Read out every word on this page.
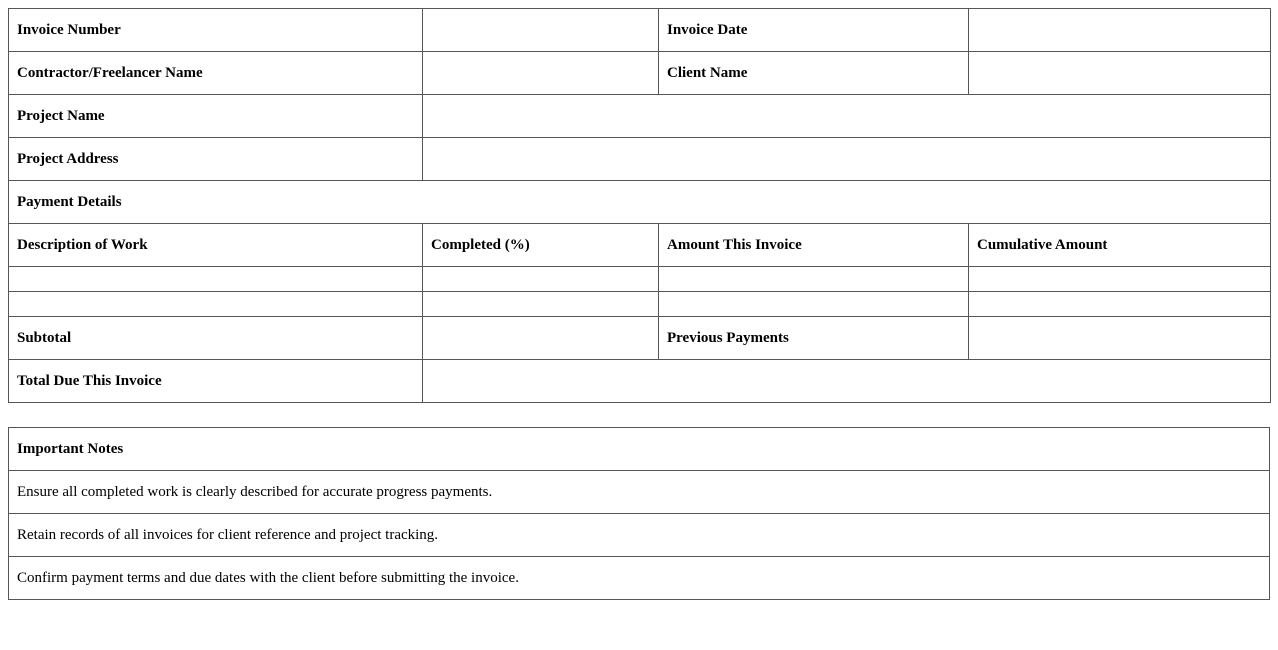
Invoice Number		Invoice Date	
Contractor/Freelancer Name		Client Name	
Project Name			
Project Address			
Payment Details			
Description of Work	Completed (%)	Amount This Invoice	Cumulative Amount

Subtotal		Previous Payments	
Total Due This Invoice			
Important Notes
Ensure all completed work is clearly described for accurate progress payments.
Retain records of all invoices for client reference and project tracking.
Confirm payment terms and due dates with the client before submitting the invoice.
